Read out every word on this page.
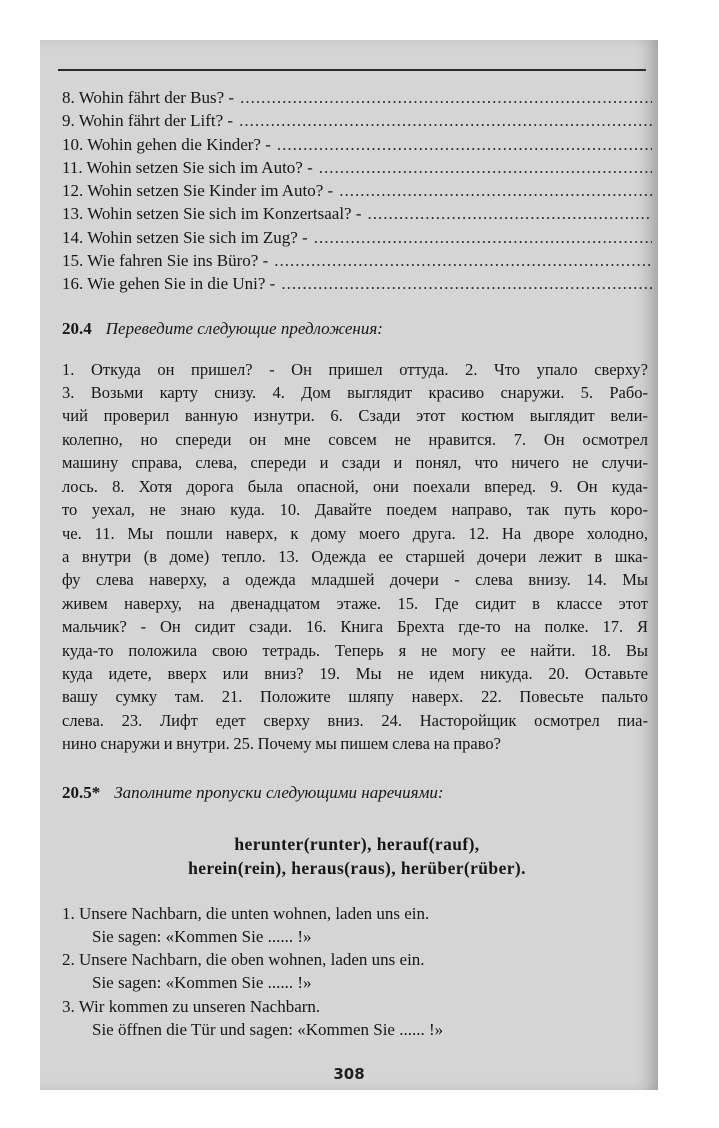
8. Wohin fährt der Bus? -
.....
9. Wohin fährt der Lift? -
.....
10. Wohin gehen die Kinder? -
.....
11. Wohin setzen Sie sich im Auto? -
.....
12. Wohin setzen Sie Kinder im Auto? -
.....
13. Wohin setzen Sie sich im Konzertsaal? -
.....
14. Wohin setzen Sie sich im Zug? -
.....
15. Wie fahren Sie ins Büro? -
.....
16. Wie gehen Sie in die Uni? -
.....
20.4 Переведите следующие предложения:
1. Откуда он пришел? - Он пришел оттуда. 2. Что упало сверху?
3. Возьми карту снизу. 4. Дом выглядит красиво снаружи. 5. Рабо-
чий проверил ванную изнутри. 6. Сзади этот костюм выглядит вели-
колепно, но спереди он мне совсем не нравится. 7. Он осмотрел
машину справа, слева, спереди и сзади и понял, что ничего не случи-
лось. 8. Хотя дорога была опасной, они поехали вперед. 9. Он куда-
то уехал, не знаю куда. 10. Давайте поедем направо, так путь коро-
че. 11. Мы пошли наверх, к дому моего друга. 12. На дворе холодно,
а внутри (в доме) тепло. 13. Одежда ее старшей дочери лежит в шка-
фу слева наверху, а одежда младшей дочери - слева внизу. 14. Мы
живем наверху, на двенадцатом этаже. 15. Где сидит в классе этот
мальчик? - Он сидит сзади. 16. Книга Брехта где-то на полке. 17. Я
куда-то положила свою тетрадь. Теперь я не могу ее найти. 18. Вы
куда идете, вверх или вниз? 19. Мы не идем никуда. 20. Оставьте
вашу сумку там. 21. Положите шляпу наверх. 22. Повесьте пальто
слева. 23. Лифт едет сверху вниз. 24. Насторойщик осмотрел пиа-
нино снаружи и внутри. 25. Почему мы пишем слева на право?
20.5* Заполните пропуски следующими наречиями:
herunter(runter), herauf(rauf),
herein(rein), heraus(raus), herüber(rüber).
1. Unsere Nachbarn, die unten wohnen, laden uns ein.
Sie sagen: «Kommen Sie ...... !»
2. Unsere Nachbarn, die oben wohnen, laden uns ein.
Sie sagen: «Kommen Sie ...... !»
3. Wir kommen zu unseren Nachbarn.
Sie öffnen die Tür und sagen: «Kommen Sie ...... !»
308
